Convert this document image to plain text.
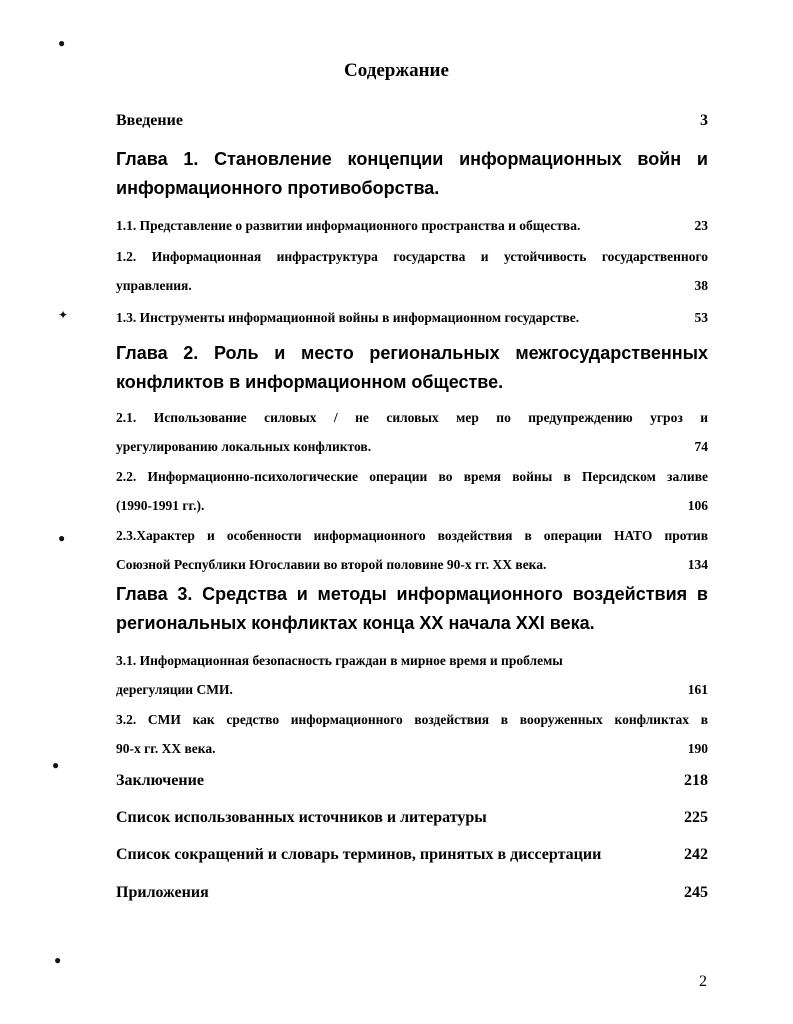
●
✦
●
●
●
Содержание
Введение	3
Глава 1. Становление концепции информационных войн и
информационного противоборства.
1.1. Представление о развитии информационного пространства и общества.	23
1.2. Информационная инфраструктура государства и устойчивость государственного
управления.	38
1.3. Инструменты информационной войны в информационном государстве.	53
Глава 2. Роль и место региональных межгосударственных
конфликтов в информационном обществе.
2.1. Использование силовых / не силовых мер по предупреждению угроз и
урегулированию локальных конфликтов.	74
2.2. Информационно-психологические операции во время войны в Персидском заливе
(1990-1991 гг.).	106
2.3.Характер и особенности информационного воздействия в операции НАТО против
Союзной Республики Югославии во второй половине 90-х гг. XX века.	134
Глава 3. Средства и методы информационного воздействия в
региональных конфликтах конца XX начала XXI века.
3.1. Информационная безопасность граждан в мирное время и проблемы
дерегуляции СМИ.	161
3.2. СМИ как средство информационного воздействия в вооруженных конфликтах в
90-х гг. XX века.	190
Заключение	218
Список использованных источников и литературы	225
Список сокращений и словарь терминов, принятых в диссертации	242
Приложения	245
2
